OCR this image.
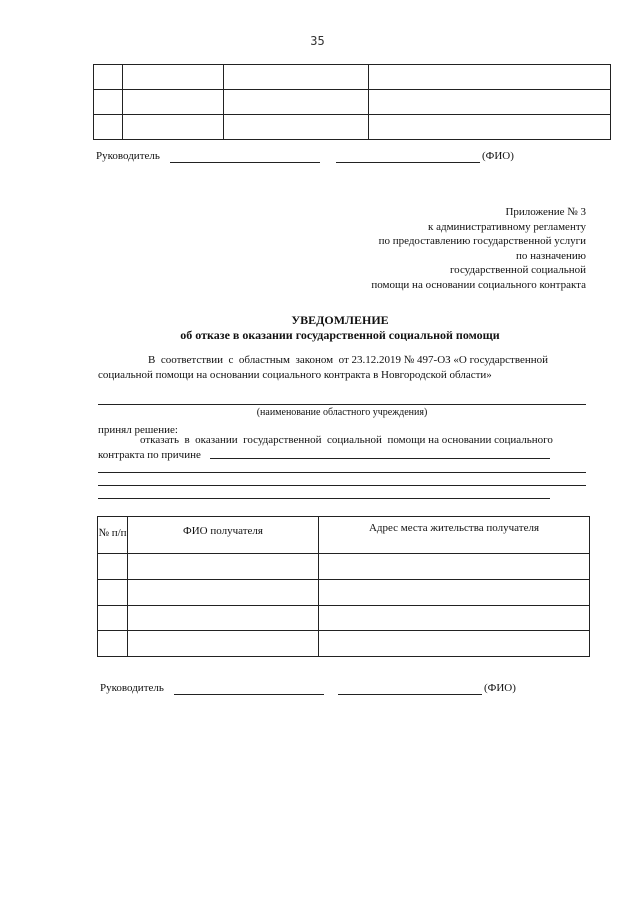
35

Руководитель	(ФИО)
Приложение № 3
к административному регламенту
по предоставлению государственной услуги
по назначению
государственной социальной
помощи на основании социального контракта
УВЕДОМЛЕНИЕ
об отказе в оказании государственной социальной помощи
В  соответствии  с  областным  законом  от 23.12.2019 № 497-ОЗ «О государственной
социальной помощи на основании социального контракта в Новгородской области»
(наименование областного учреждения)
принял решение:
отказать  в  оказании  государственной  социальной  помощи на основании социального
контракта по причине
№ п/п	ФИО получателя	Адрес места жительства получателя

Руководитель	(ФИО)
